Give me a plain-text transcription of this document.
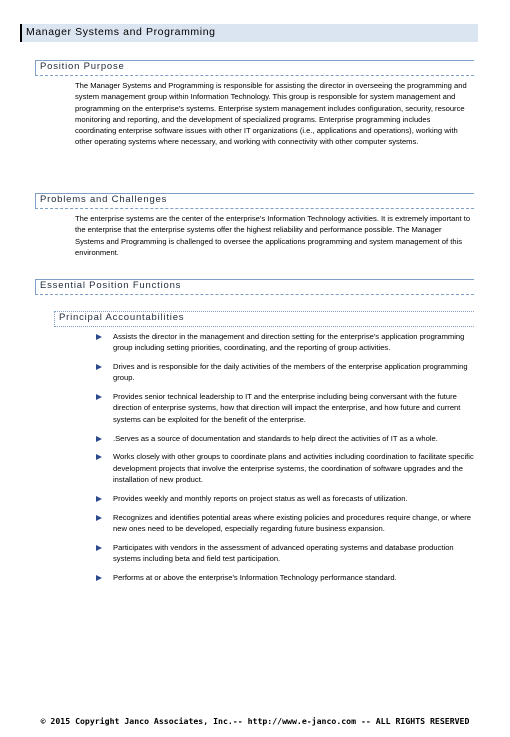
Manager Systems and Programming
Position Purpose

The Manager Systems and Programming is responsible for assisting the director in overseeing the programming and system management group within Information Technology. This group is responsible for system management and programming on the enterprise's systems. Enterprise system management includes configuration, security, resource monitoring and reporting, and the development of specialized programs. Enterprise programming includes coordinating enterprise software issues with other IT organizations (i.e., applications and operations), working with other operating systems where necessary, and working with connectivity with other computer systems.

Problems and Challenges

The enterprise systems are the center of the enterprise's Information Technology activities. It is extremely important to the enterprise that the enterprise systems offer the highest reliability and performance possible. The Manager Systems and Programming is challenged to oversee the applications programming and system management of this environment.

Essential Position Functions
Principal Accountabilities
Assists the director in the management and direction setting for the enterprise's application programming group including setting priorities, coordinating, and the reporting of group activities.
Drives and is responsible for the daily activities of the members of the enterprise application programming group.
Provides senior technical leadership to IT and the enterprise including being conversant with the future direction of enterprise systems, how that direction will impact the enterprise, and how future and current systems can be exploited for the benefit of the enterprise.
.Serves as a source of documentation and standards to help direct the activities of IT as a whole.
Works closely with other groups to coordinate plans and activities including coordination to facilitate specific development projects that involve the enterprise systems, the coordination of software upgrades and the installation of new product.
Provides weekly and monthly reports on project status as well as forecasts of utilization.
Recognizes and identifies potential areas where existing policies and procedures require change, or where new ones need to be developed, especially regarding future business expansion.
Participates with vendors in the assessment of advanced operating systems and database production systems including beta and field test participation.
Performs at or above the enterprise's Information Technology performance standard.
© 2015 Copyright Janco Associates, Inc.-- http://www.e-janco.com -- ALL RIGHTS RESERVED
